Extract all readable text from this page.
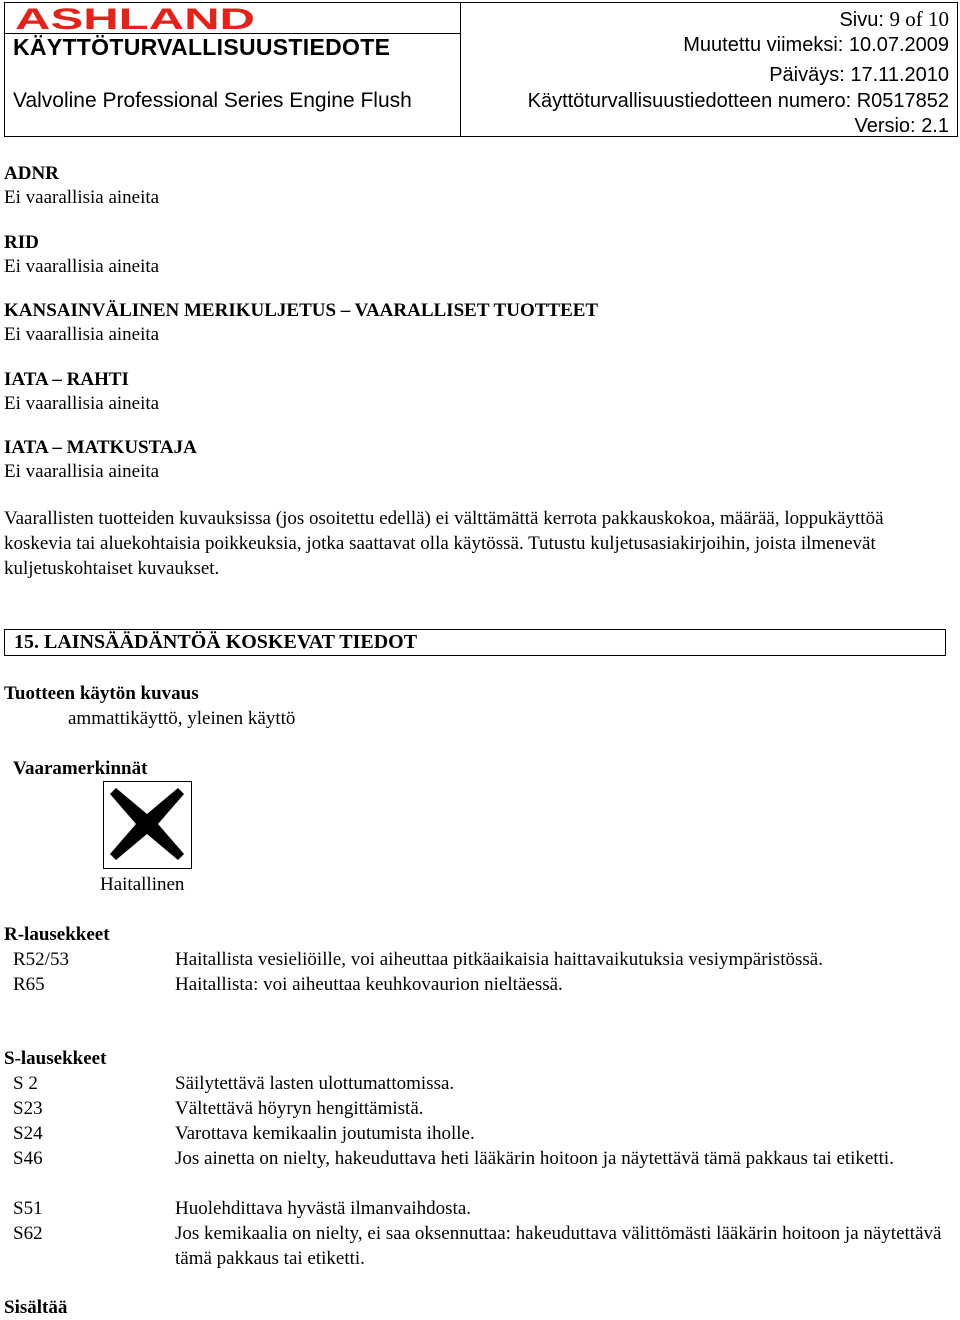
ASHLAND
KÄYTTÖTURVALLISUUSTIEDOTE
Valvoline Professional Series Engine Flush
Sivu: 9 of 10
Muutettu viimeksi: 10.07.2009
Päiväys: 17.11.2010
Käyttöturvallisuustiedotteen numero: R0517852
Versio: 2.1
ADNR
Ei vaarallisia aineita
RID
Ei vaarallisia aineita
KANSAINVÄLINEN MERIKULJETUS – VAARALLISET TUOTTEET
Ei vaarallisia aineita
IATA – RAHTI
Ei vaarallisia aineita
IATA – MATKUSTAJA
Ei vaarallisia aineita
Vaarallisten tuotteiden kuvauksissa (jos osoitettu edellä) ei välttämättä kerrota pakkauskokoa, määrää, loppukäyttöä koskevia tai aluekohtaisia poikkeuksia, jotka saattavat olla käytössä. Tutustu kuljetusasiakirjoihin, joista ilmenevät kuljetuskohtaiset kuvaukset.
15. LAINSÄÄDÄNTÖÄ KOSKEVAT TIEDOT
Tuotteen käytön kuvaus
ammattikäyttö, yleinen käyttö
Vaaramerkinnät
Haitallinen
R-lausekkeet
R52/53	Haitallista vesieliöille, voi aiheuttaa pitkäaikaisia haittavaikutuksia vesiympäristössä.
R65	Haitallista: voi aiheuttaa keuhkovaurion nieltäessä.
S-lausekkeet
S 2	Säilytettävä lasten ulottumattomissa.
S23	Vältettävä höyryn hengittämistä.
S24	Varottava kemikaalin joutumista iholle.
S46	Jos ainetta on nielty, hakeuduttava heti lääkärin hoitoon ja näytettävä tämä pakkaus tai etiketti.
S51	Huolehdittava hyvästä ilmanvaihdosta.
S62	Jos kemikaalia on nielty, ei saa oksennuttaa: hakeuduttava välittömästi lääkärin hoitoon ja näytettävä tämä pakkaus tai etiketti.
Sisältää
